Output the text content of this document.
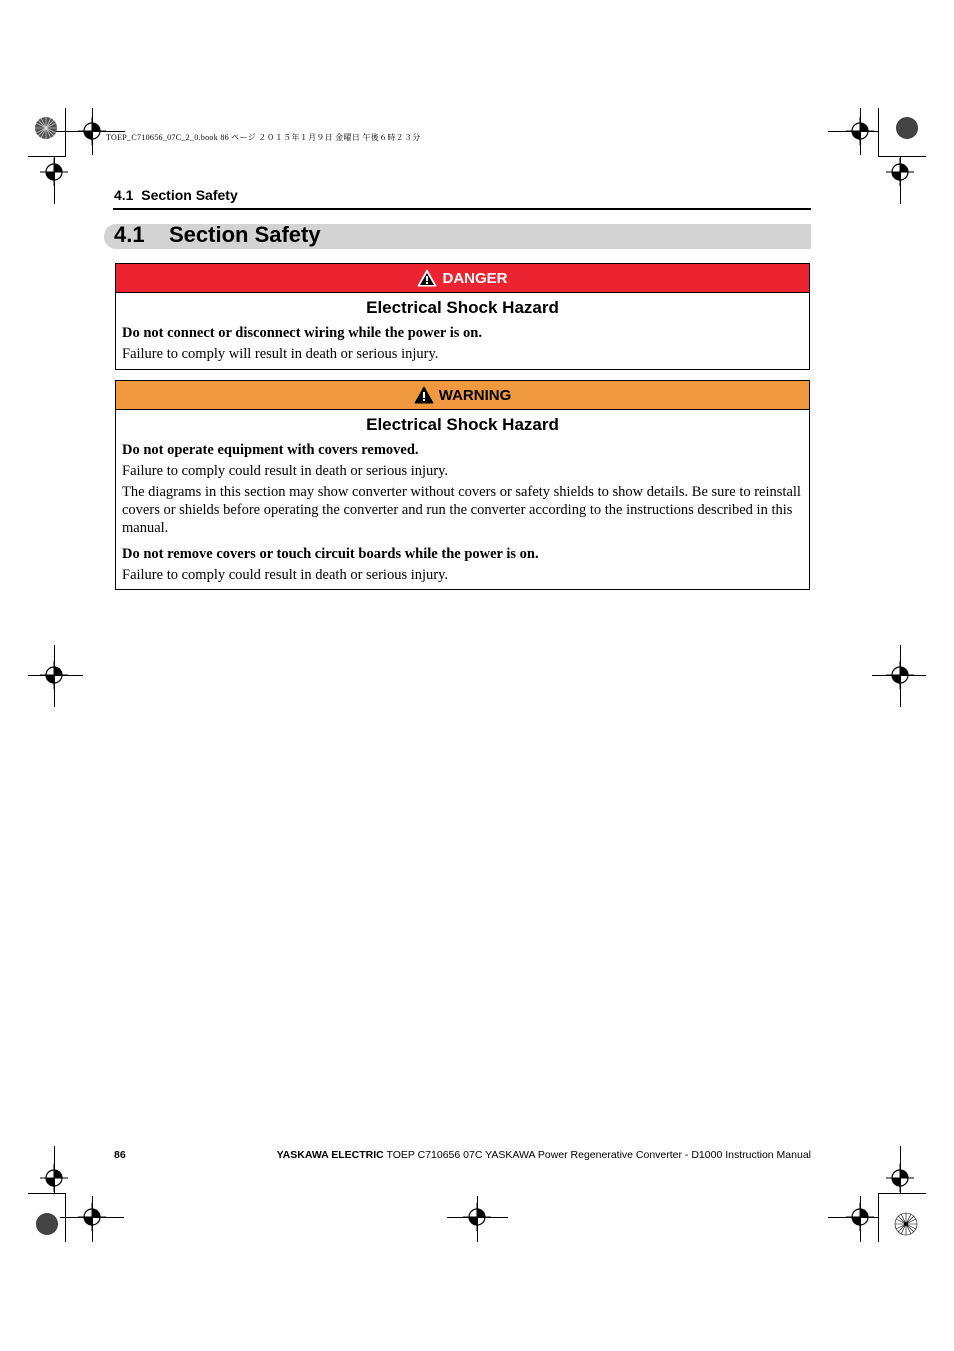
TOEP_C710656_07C_2_0.book 86 ページ ２０１５年１月９日 金曜日 午後６時２３分
4.1 Section Safety
4.1 Section Safety
DANGER
Electrical Shock Hazard
Do not connect or disconnect wiring while the power is on.
Failure to comply will result in death or serious injury.
WARNING
Electrical Shock Hazard
Do not operate equipment with covers removed.
Failure to comply could result in death or serious injury.
The diagrams in this section may show converter without covers or safety shields to show details. Be sure to reinstall covers or shields before operating the converter and run the converter according to the instructions described in this manual.
Do not remove covers or touch circuit boards while the power is on.
Failure to comply could result in death or serious injury.
86	YASKAWA ELECTRIC TOEP C710656 07C YASKAWA Power Regenerative Converter - D1000 Instruction Manual
